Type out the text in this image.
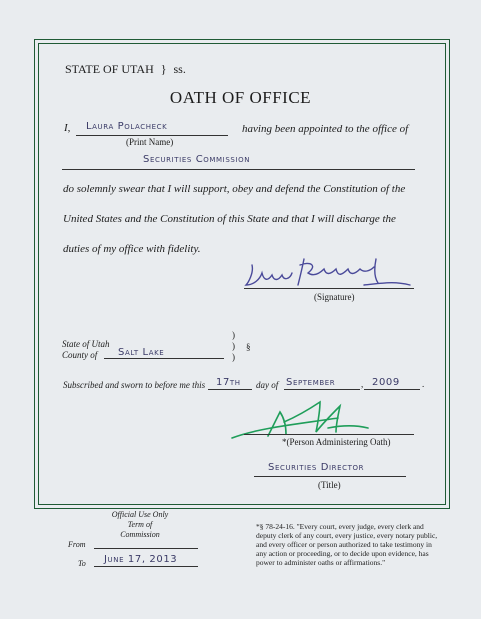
STATE OF UTAH } ss.
OATH OF OFFICE
I, Laura Polacheck
(Print Name)
having been appointed to the office of
Securities Commission
do solemnly swear that I will support, obey and defend the Constitution of the
United States and the Constitution of this State and that I will discharge the
duties of my office with fidelity.
(Signature)
State of Utah
County of Salt Lake
)
)
)
§
Subscribed and sworn to before me this 17th day of September	, 2009 .
*(Person Administering Oath)
Securities Director
(Title)
Official Use Only
Term of Commission
From
To June 17, 2013
*§ 78-24-16. "Every court, every judge, every clerk and deputy clerk of any court, every justice, every notary public, and every officer or person authorized to take testimony in any action or proceeding, or to decide upon evidence, has power to administer oaths or affirmations."
